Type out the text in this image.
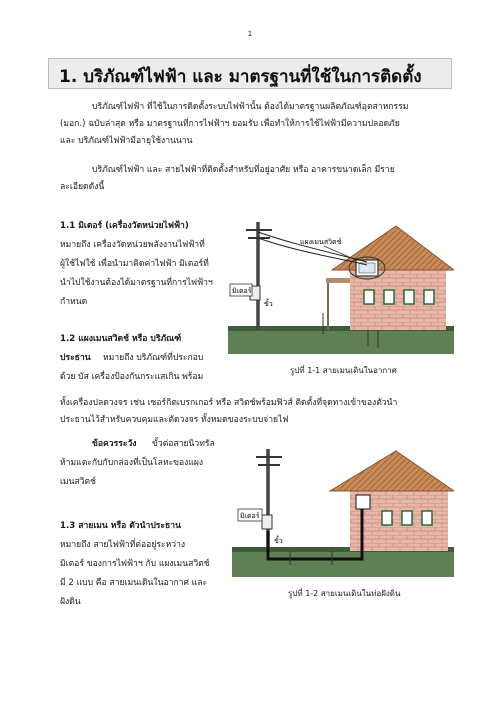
1
1. บริภัณฑ์ไฟฟ้า และ มาตรฐานที่ใช้ในการติดตั้ง
บริภัณฑ์ไฟฟ้า ที่ใช้ในการติดตั้งระบบไฟฟ้านั้น ต้องได้มาตรฐานผลิตภัณฑ์อุตสาหกรรม
(มอก.) ฉบับล่าสุด หรือ มาตรฐานที่การไฟฟ้าฯ ยอมรับ เพื่อทำให้การใช้ไฟฟ้ามีความปลอดภัย
และ บริภัณฑ์ไฟฟ้ามีอายุใช้งานนาน
บริภัณฑ์ไฟฟ้า และ สายไฟฟ้าที่ติดตั้งสำหรับที่อยู่อาศัย หรือ อาคารขนาดเล็ก มีราย
ละเอียดดังนี้
1.1 มิเตอร์ (เครื่องวัดหน่วยไฟฟ้า)
หมายถึง เครื่องวัดหน่วยพลังงานไฟฟ้าที่
ผู้ใช้ไฟใช้ เพื่อนำมาคิดค่าไฟฟ้า มิเตอร์ที่
นำไปใช้งานต้องได้มาตรฐานที่การไฟฟ้าฯ
กำหนด
1.2 แผงเมนสวิตช์ หรือ บริภัณฑ์
ประธาน หมายถึง บริภัณฑ์ที่ประกอบ
ด้วย บัส เครื่องป้องกันกระแสเกิน พร้อม
ทั้งเครื่องปลดวงจร เช่น เซอร์กิตเบรกเกอร์ หรือ สวิตช์พร้อมฟิวส์ ติดตั้งที่จุดทางเข้าของตัวนำ
ประธานไว้สำหรับควบคุมและตัดวงจร ทั้งหมดของระบบจ่ายไฟ
ข้อควรระวัง ขั้วต่อสายนิวทรัล
ห้ามแตะกับกับกล่องที่เป็นโลหะของแผง
เมนสวิตช์
1.3 สายเมน หรือ ตัวนำประธาน
หมายถึง สายไฟฟ้าที่ต่ออยู่ระหว่าง
มิเตอร์ ของการไฟฟ้าฯ กับ แผงเมนสวิตช์
มี 2 แบบ คือ สายเมนเดินในอากาศ และ
ฝังดิน
มิเตอร์
ขั้ว
แผงเมนสวิตช์
รูปที่ 1-1 สายเมนเดินในอากาศ
มิเตอร์
ขั้ว
รูปที่ 1-2 สายเมนเดินในท่อฝังดิน
